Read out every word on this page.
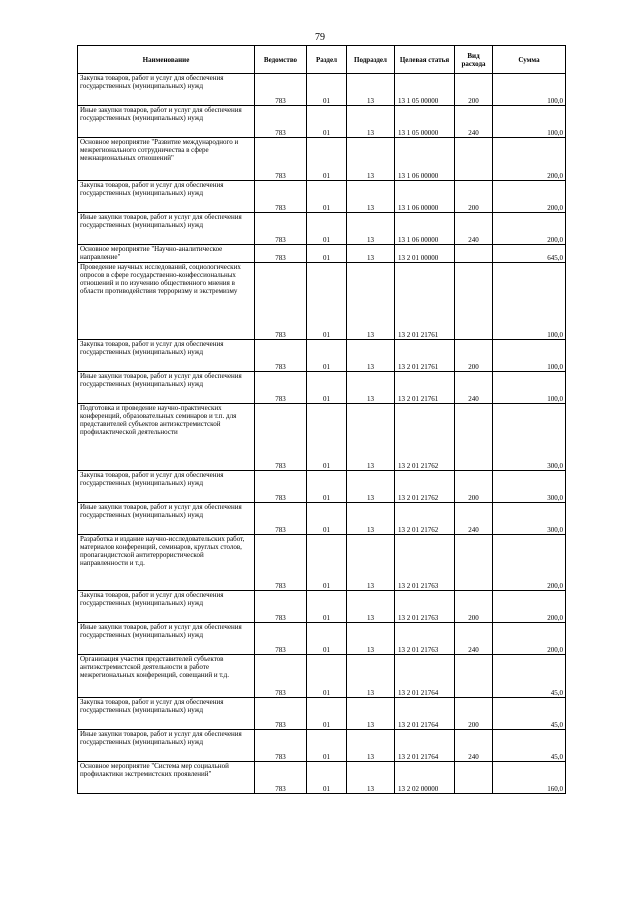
79
Наименование	Ведомство	Раздел	Подраздел	Целевая статья	Вид расхода	Сумма
Закупка товаров, работ и услуг для обеспечения государственных (муниципальных) нужд	783	01	13	13 1 05 00000	200	100,0
Иные закупки товаров, работ и услуг для обеспечения государственных (муниципальных) нужд	783	01	13	13 1 05 00000	240	100,0
Основное мероприятие "Развитие международного и межрегионального сотрудничества в сфере межнациональных отношений"	783	01	13	13 1 06 00000		200,0
Закупка товаров, работ и услуг для обеспечения государственных (муниципальных) нужд	783	01	13	13 1 06 00000	200	200,0
Иные закупки товаров, работ и услуг для обеспечения государственных (муниципальных) нужд	783	01	13	13 1 06 00000	240	200,0
Основное мероприятие "Научно-аналитическое направление"	783	01	13	13 2 01 00000		645,0
Проведение научных исследований, социологических опросов в сфере государственно-конфессиональных отношений и по изучению общественного мнения в области противодействия терроризму и экстремизму	783	01	13	13 2 01 21761		100,0
Закупка товаров, работ и услуг для обеспечения государственных (муниципальных) нужд	783	01	13	13 2 01 21761	200	100,0
Иные закупки товаров, работ и услуг для обеспечения государственных (муниципальных) нужд	783	01	13	13 2 01 21761	240	100,0
Подготовка и проведение научно-практических конференций, образовательных семинаров и т.п. для представителей субъектов антиэкстремистской профилактической деятельности	783	01	13	13 2 01 21762		300,0
Закупка товаров, работ и услуг для обеспечения государственных (муниципальных) нужд	783	01	13	13 2 01 21762	200	300,0
Иные закупки товаров, работ и услуг для обеспечения государственных (муниципальных) нужд	783	01	13	13 2 01 21762	240	300,0
Разработка и издание научно-исследовательских работ, материалов конференций, семинаров, круглых столов, пропагандистской антитеррористической направленности и т.д.	783	01	13	13 2 01 21763		200,0
Закупка товаров, работ и услуг для обеспечения государственных (муниципальных) нужд	783	01	13	13 2 01 21763	200	200,0
Иные закупки товаров, работ и услуг для обеспечения государственных (муниципальных) нужд	783	01	13	13 2 01 21763	240	200,0
Организация участия представителей субъектов антиэкстремистской деятельности в работе межрегиональных конференций, совещаний и т.д.	783	01	13	13 2 01 21764		45,0
Закупка товаров, работ и услуг для обеспечения государственных (муниципальных) нужд	783	01	13	13 2 01 21764	200	45,0
Иные закупки товаров, работ и услуг для обеспечения государственных (муниципальных) нужд	783	01	13	13 2 01 21764	240	45,0
Основное мероприятие "Система мер социальной профилактики экстремистских проявлений"	783	01	13	13 2 02 00000		160,0
